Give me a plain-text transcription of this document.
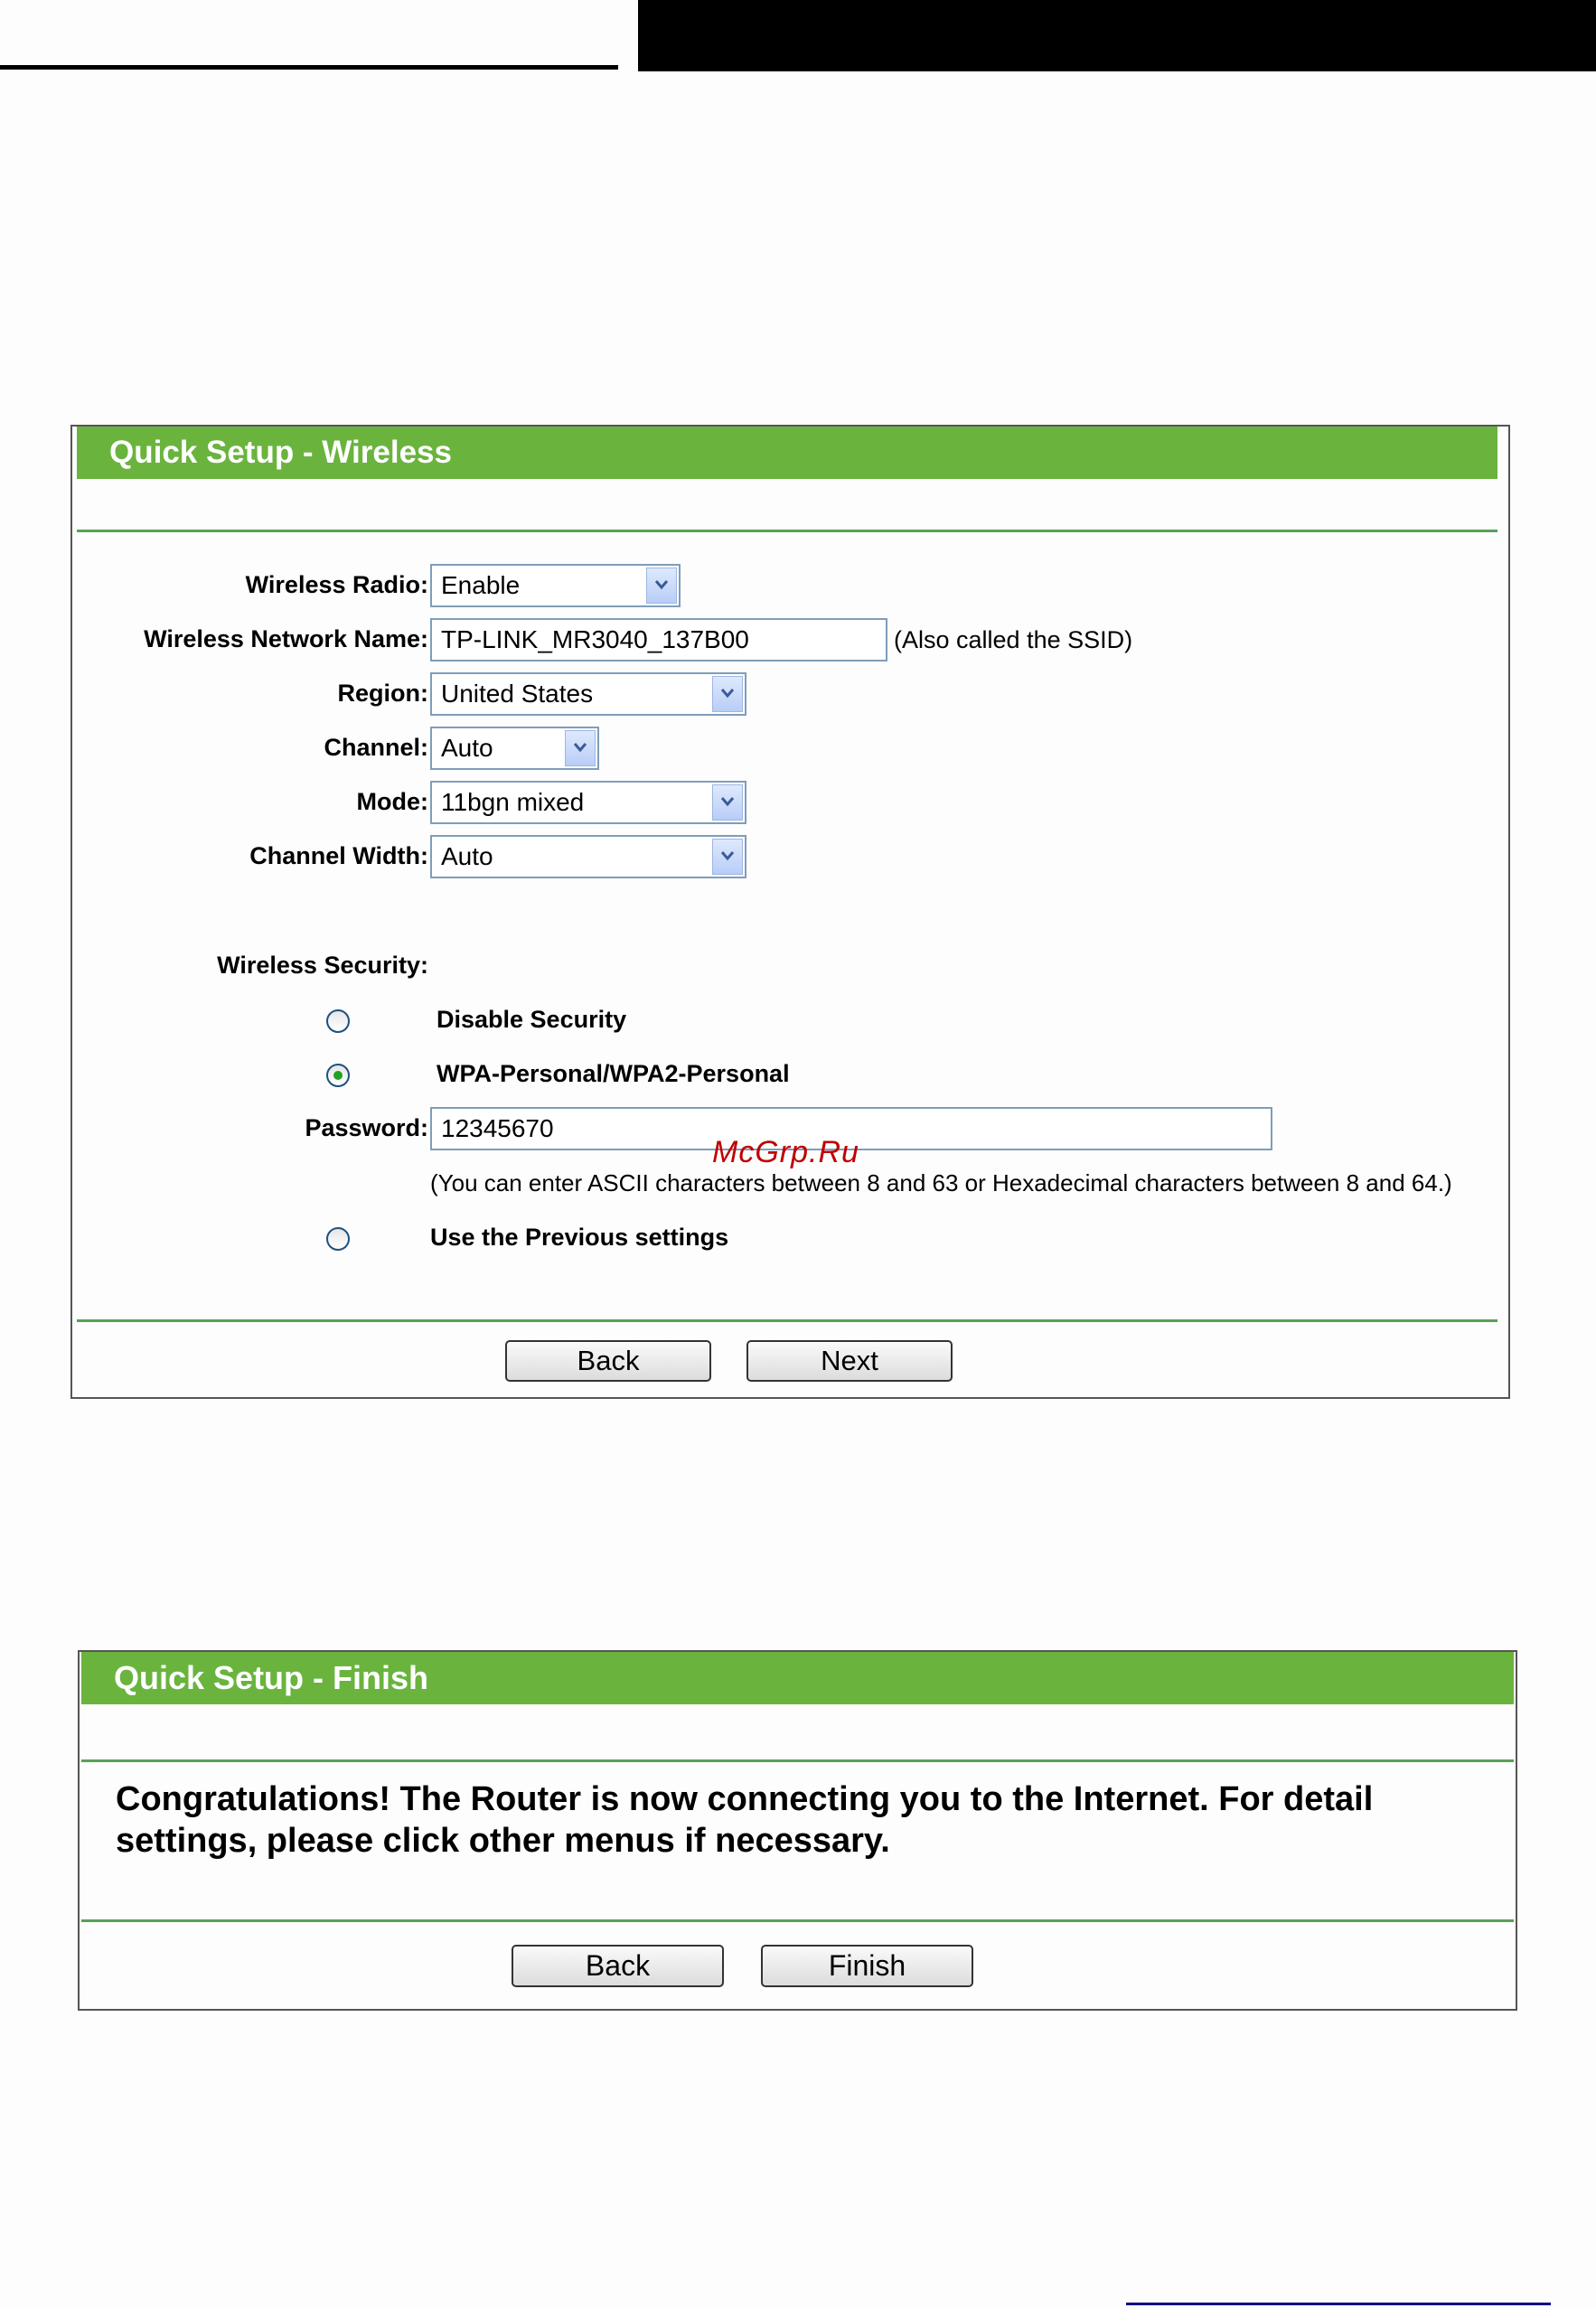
Quick Setup - Wireless
Wireless Radio: Enable
Wireless Network Name: TP-LINK_MR3040_137B00	(Also called the SSID)
Region: United States
Channel: Auto
Mode: 11bgn mixed
Channel Width: Auto
Wireless Security:
Disable Security
WPA-Personal/WPA2-Personal
Password: 12345670
(You can enter ASCII characters between 8 and 63 or Hexadecimal characters between 8 and 64.)
Use the Previous settings
Back	Next
McGrp.Ru
Quick Setup - Finish
Congratulations! The Router is now connecting you to the Internet. For detail
settings, please click other menus if necessary.
Back	Finish
